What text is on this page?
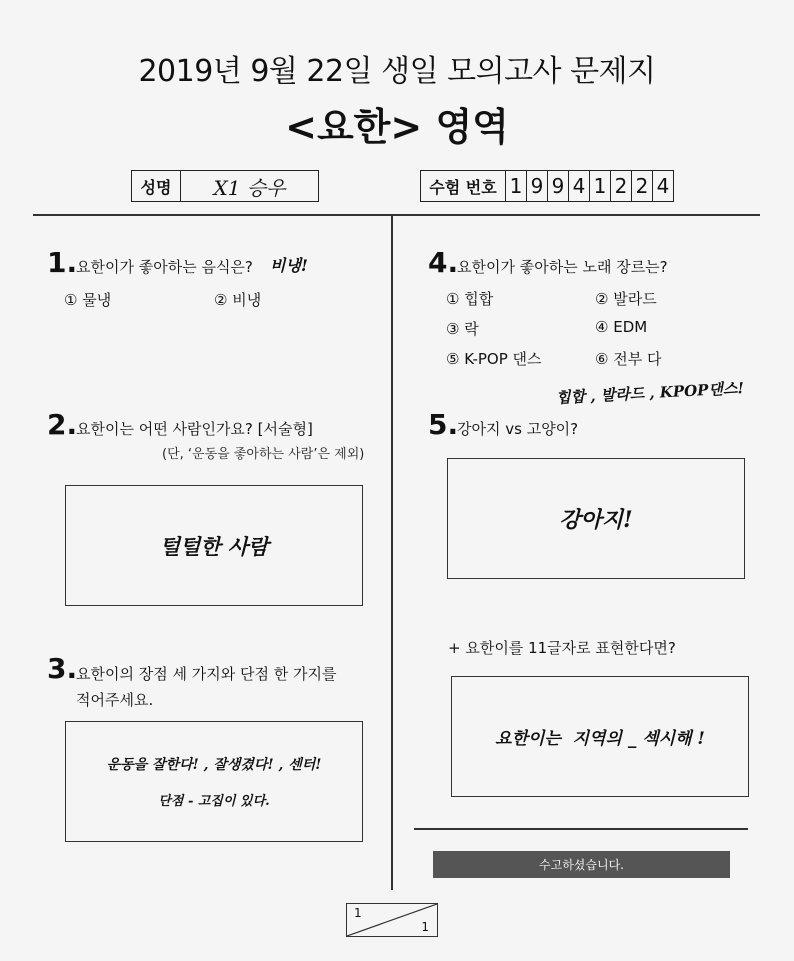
2019년 9월 22일 생일 모의고사 문제지
<요한> 영역
성명	X1 승우	수험 번호 1 9 9 4 1 2 2 4
1.
요한이가 좋아하는 음식은? 비냉!
① 물냉	② 비냉
2.
요한이는 어떤 사람인가요? [서술형]
(단, ‘운동을 좋아하는 사람’은 제외)
털털한 사람
3.
요한이의 장점 세 가지와 단점 한 가지를
적어주세요.
운동을 잘한다! , 잘생겼다! , 센터!
단점 - 고집이 있다.
4.
요한이가 좋아하는 노래 장르는?
① 힙합	② 발라드
③ 락	④ EDM
⑤ K-POP 댄스	⑥ 전부 다
힙합 , 발라드 , KPOP댄스!
5.
강아지 vs 고양이?
강아지!
+ 요한이를 11글자로 표현한다면?
요한이는  지역의 _ 섹시해 !
수고하셨습니다.
1
1
